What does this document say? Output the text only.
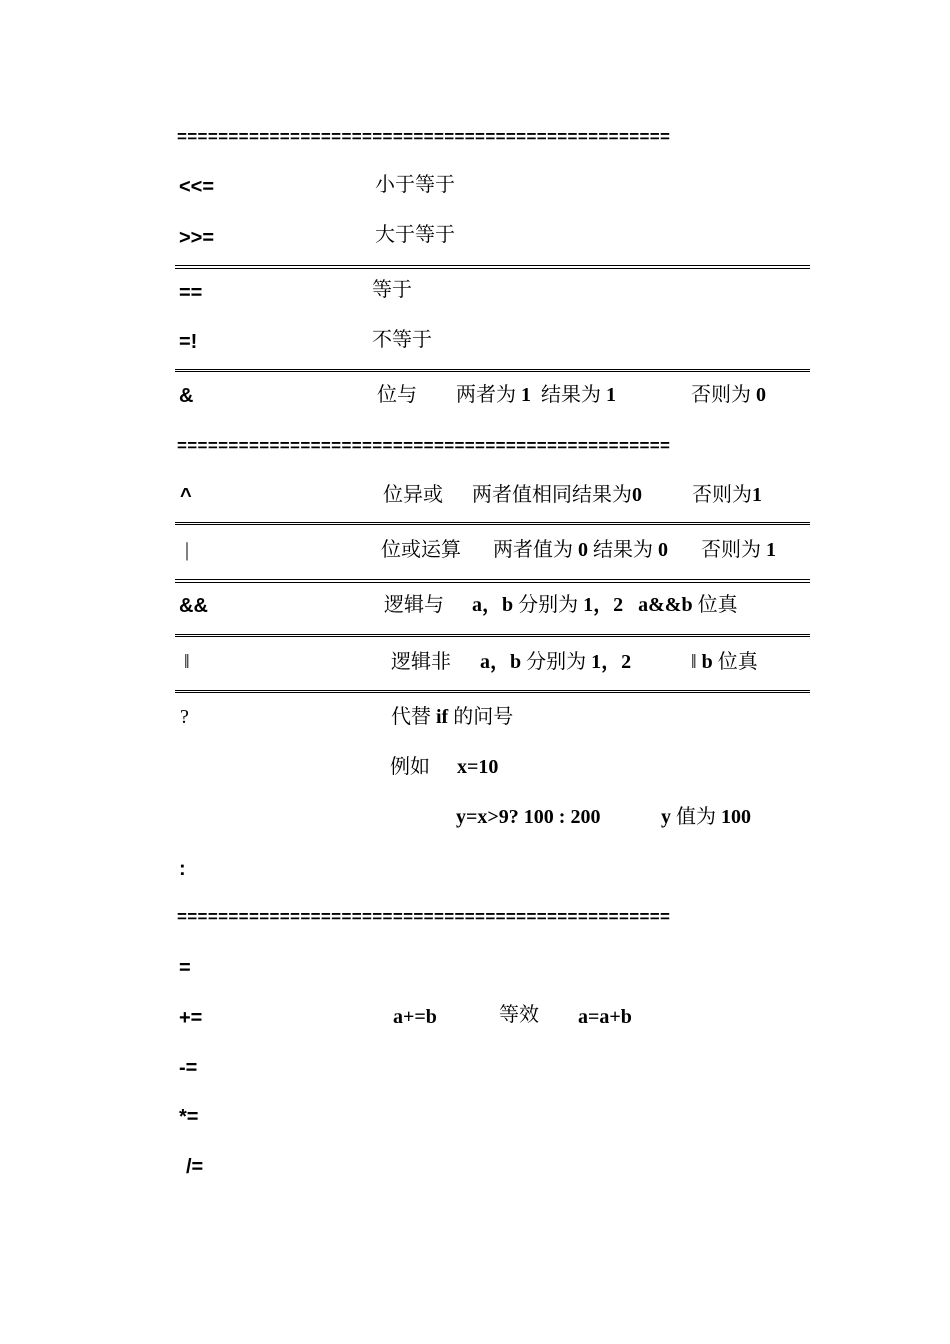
================================================
<<=	小于等于
>>=	大于等于
==	等于
=!	不等于
&	位与 两者为 1 结果为 1	否则为 0
================================================
^	位异或 两者值相同结果为0	否则为1
|	位或运算 两者值为 0 结果为 0 否则为 1
&&	逻辑与 a，b 分别为 1，2 a&&b 位真
‖	逻辑非 a，b 分别为 1，2	‖ b 位真
?	代替 if 的问号
例如 x=10
y=x>9? 100 : 200	y 值为 100
:
================================================
=
+=	a+=b	等效 a=a+b
-=
*=
/=
